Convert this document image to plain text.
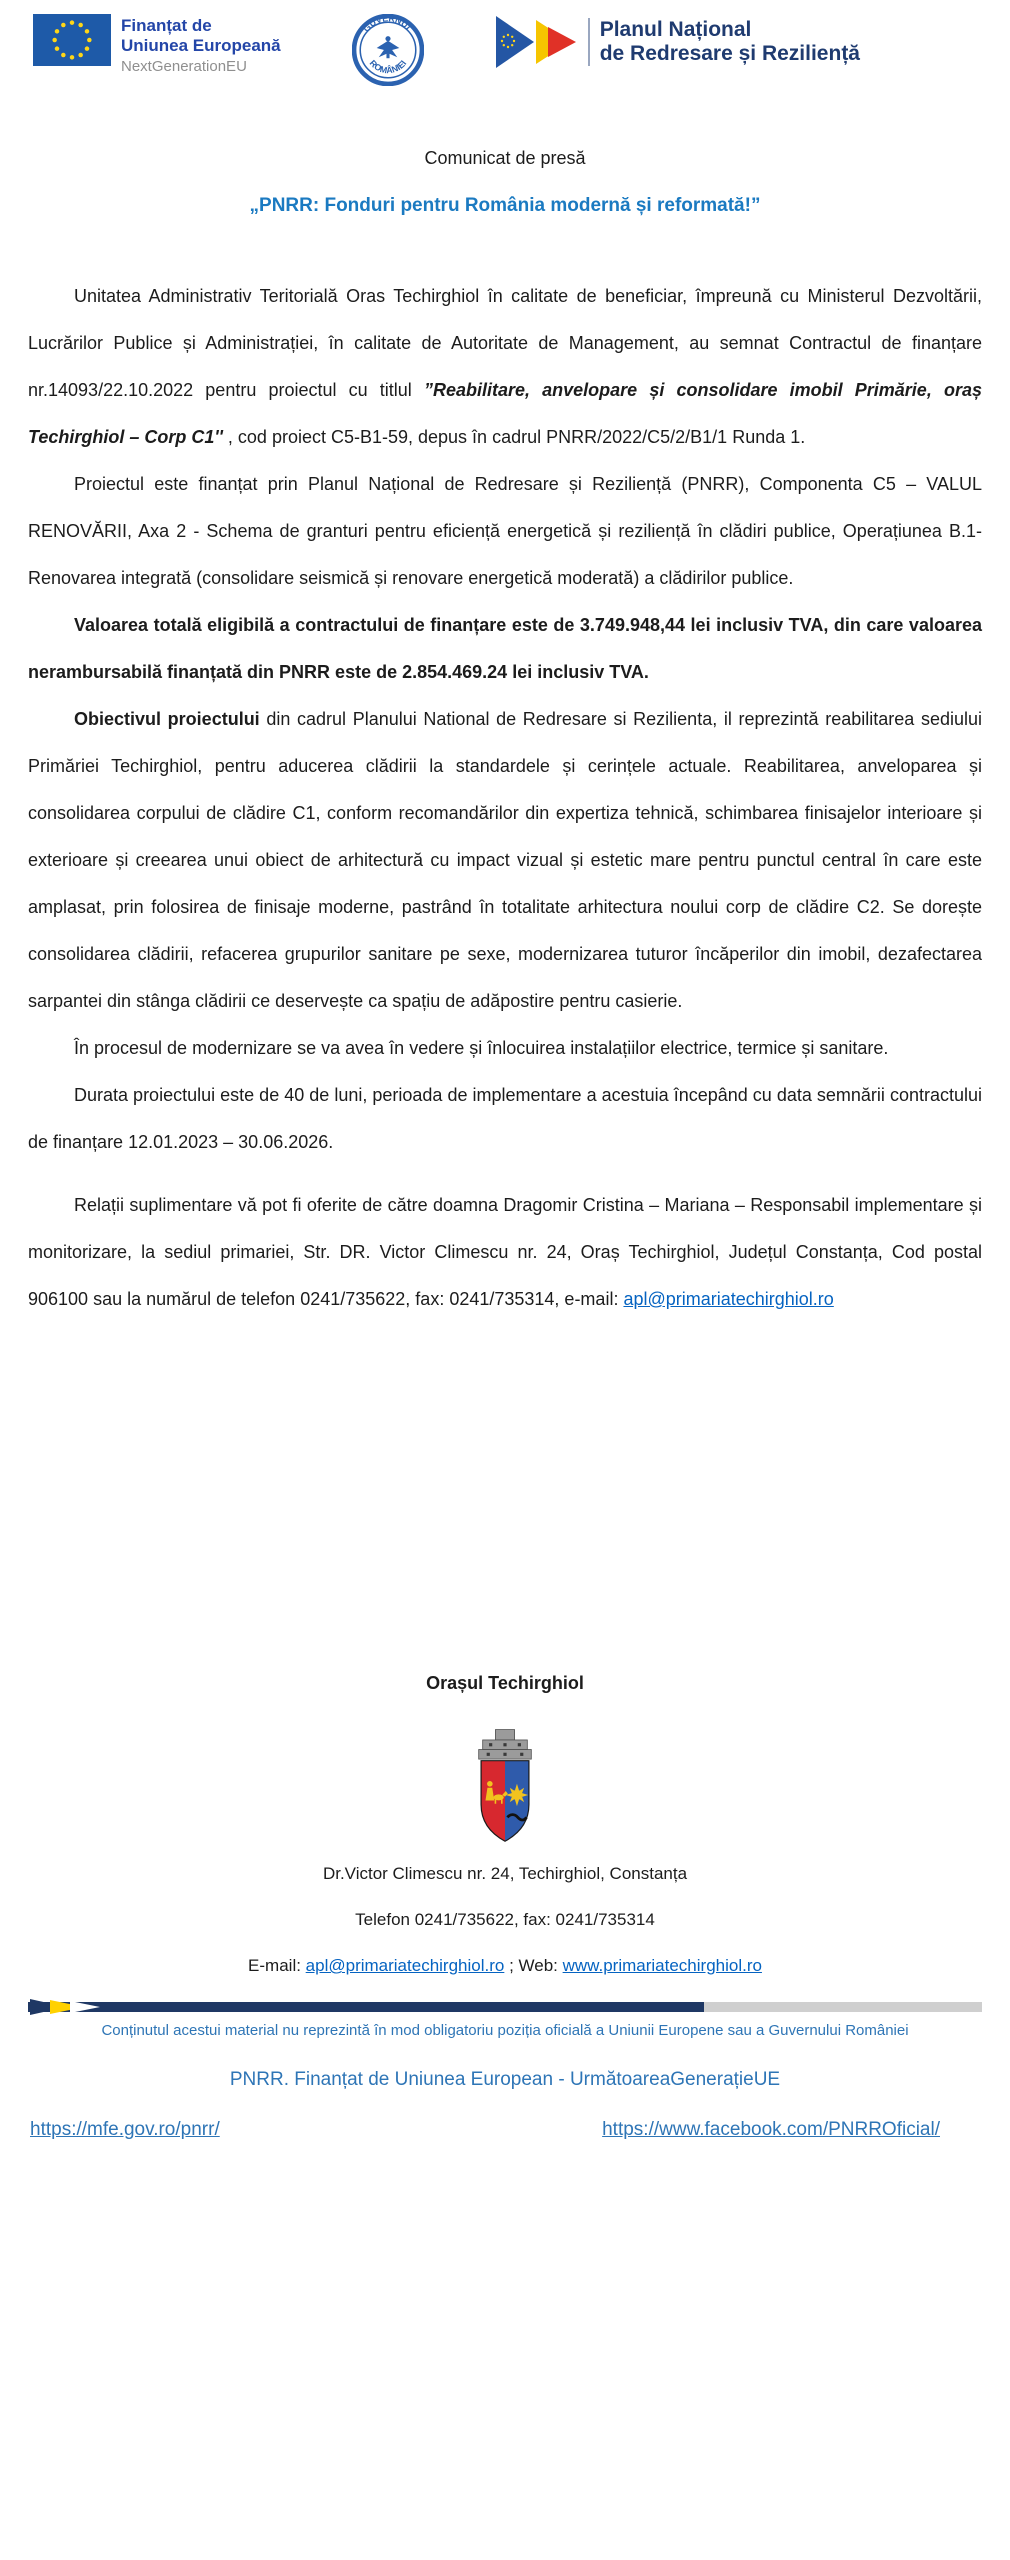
Finanțat de
Uniunea Europeană
NextGenerationEU
GUVERNUL
ROMÂNIEI
Planul Național
de Redresare și Reziliență
Comunicat de presă
„PNRR: Fonduri pentru România modernă și reformată!”

Unitatea Administrativ Teritorială Oras Techirghiol în calitate de beneficiar, împreună cu Ministerul Dezvoltării, Lucrărilor Publice și Administrației, în calitate de Autoritate de Management, au semnat Contractul de finanțare nr.14093/22.10.2022 pentru proiectul cu titlul ”Reabilitare, anvelopare și consolidare imobil Primărie, oraș Techirghiol – Corp C1'' , cod proiect C5-B1-59, depus în cadrul PNRR/2022/C5/2/B1/1 Runda 1.

Proiectul este finanțat prin Planul Național de Redresare și Reziliență (PNRR), Componenta C5 – VALUL RENOVĂRII, Axa 2 - Schema de granturi pentru eficiență energetică și reziliență în clădiri publice, Operațiunea B.1- Renovarea integrată (consolidare seismică și renovare energetică moderată) a clădirilor publice.

Valoarea totală eligibilă a contractului de finanțare este de 3.749.948,44 lei inclusiv TVA, din care valoarea nerambursabilă finanțată din PNRR este de 2.854.469.24 lei inclusiv TVA.

Obiectivul proiectului din cadrul Planului National de Redresare si Rezilienta, il reprezintă reabilitarea sediului Primăriei Techirghiol, pentru aducerea clădirii la standardele și cerințele actuale. Reabilitarea, anveloparea și consolidarea corpului de clădire C1, conform recomandărilor din expertiza tehnică, schimbarea finisajelor interioare și exterioare și creearea unui obiect de arhitectură cu impact vizual și estetic mare pentru punctul central în care este amplasat, prin folosirea de finisaje moderne, pastrând în totalitate arhitectura noului corp de clădire C2. Se dorește consolidarea clădirii, refacerea grupurilor sanitare pe sexe, modernizarea tuturor încăperilor din imobil, dezafectarea sarpantei din stânga clădirii ce deservește ca spațiu de adăpostire pentru casierie.

În procesul de modernizare se va avea în vedere și înlocuirea instalațiilor electrice, termice și sanitare.

Durata proiectului este de 40 de luni, perioada de implementare a acestuia începând cu data semnării contractului de finanțare 12.01.2023 – 30.06.2026.

Relații suplimentare vă pot fi oferite de către doamna Dragomir Cristina – Mariana – Responsabil implementare și monitorizare, la sediul primariei, Str. DR. Victor Climescu nr. 24, Oraș Techirghiol, Județul Constanța, Cod postal 906100 sau la numărul de telefon 0241/735622, fax: 0241/735314, e-mail: apl@primariatechirghiol.ro

Orașul Techirghiol
Dr.Victor Climescu nr. 24, Techirghiol, Constanța
Telefon 0241/735622, fax: 0241/735314
E-mail: apl@primariatechirghiol.ro ; Web: www.primariatechirghiol.ro
Conținutul acestui material nu reprezintă în mod obligatoriu poziția oficială a Uniunii Europene sau a Guvernului României
PNRR. Finanțat de Uniunea European - UrmătoareaGenerațieUE
https://mfe.gov.ro/pnrr/	https://www.facebook.com/PNRROficial/
